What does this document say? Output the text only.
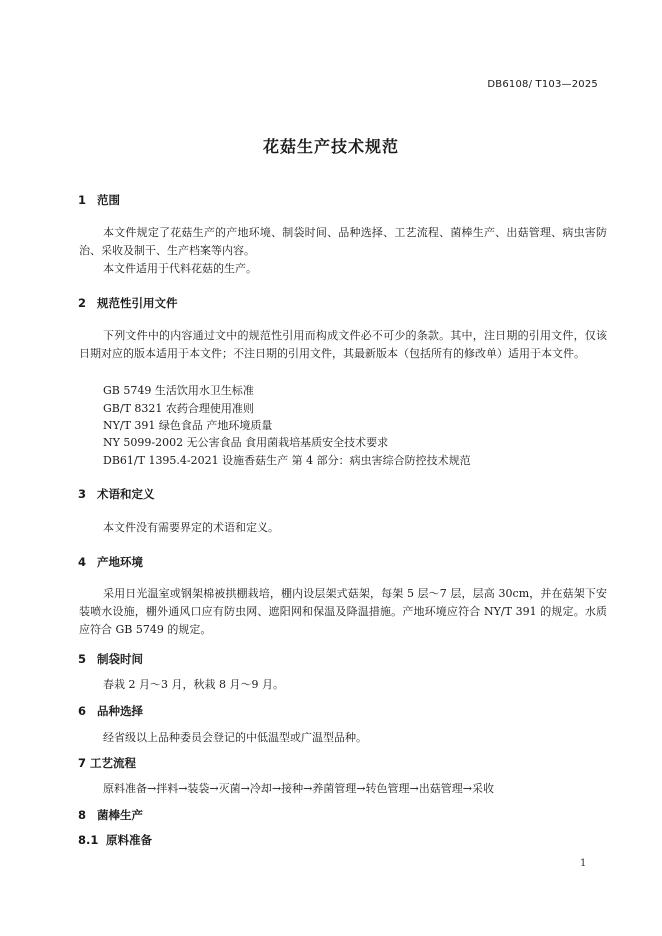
DB6108/ T103—2025
花菇生产技术规范
1 范围
本文件规定了花菇生产的产地环境、制袋时间、品种选择、工艺流程、菌棒生产、出菇管理、病虫害防治、采收及制干、生产档案等内容。
本文件适用于代料花菇的生产。
2 规范性引用文件
下列文件中的内容通过文中的规范性引用而构成文件必不可少的条款。其中，注日期的引用文件，仅该日期对应的版本适用于本文件；不注日期的引用文件，其最新版本（包括所有的修改单）适用于本文件。
GB 5749 生活饮用水卫生标准
GB/T 8321 农药合理使用准则
NY/T 391 绿色食品 产地环境质量
NY 5099-2002 无公害食品 食用菌栽培基质安全技术要求
DB61/T 1395.4-2021 设施香菇生产 第 4 部分：病虫害综合防控技术规范
3 术语和定义
本文件没有需要界定的术语和定义。
4 产地环境
采用日光温室或钢架棉被拱棚栽培，棚内设层架式菇架，每架 5 层～7 层，层高 30cm，并在菇架下安装喷水设施，棚外通风口应有防虫网、遮阳网和保温及降温措施。产地环境应符合 NY/T 391 的规定。水质应符合 GB 5749 的规定。
5 制袋时间
春栽 2 月～3 月，秋栽 8 月～9 月。
6 品种选择
经省级以上品种委员会登记的中低温型或广温型品种。
7 工艺流程
原料准备→拌料→装袋→灭菌→冷却→接种→养菌管理→转色管理→出菇管理→采收
8 菌棒生产
8.1 原料准备
1
